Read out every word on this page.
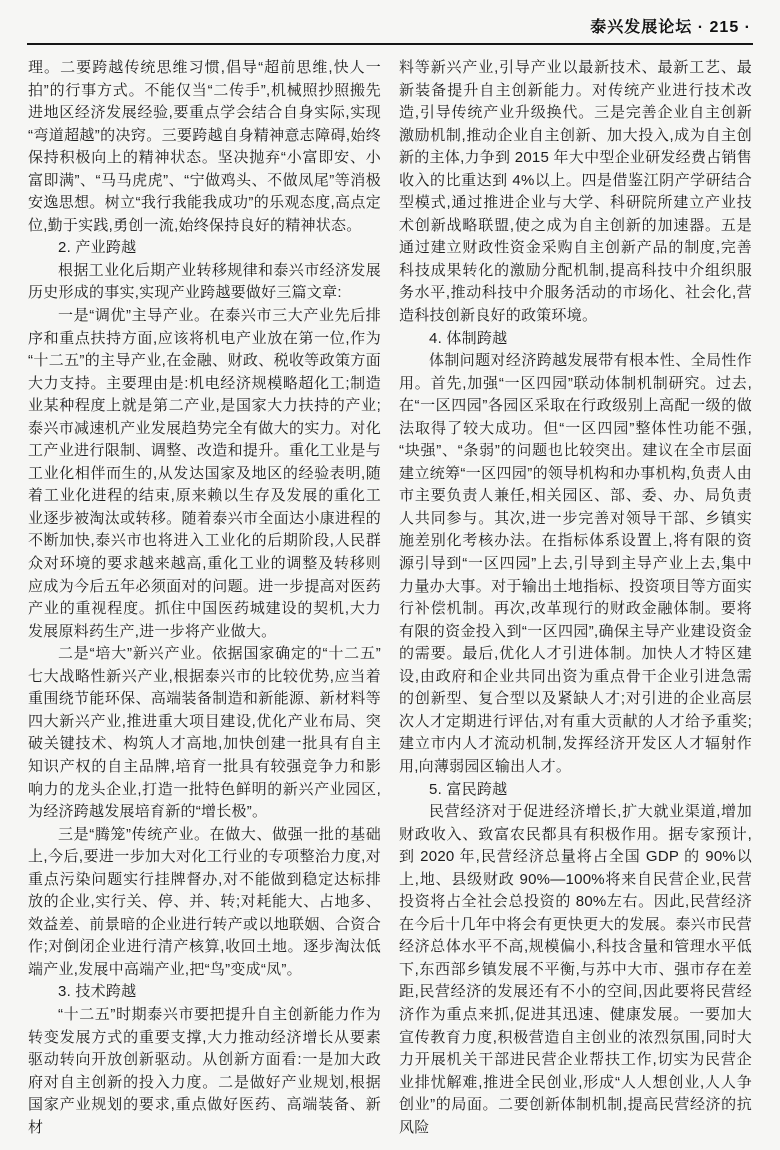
泰兴发展论坛 · 215 ·

理。二要跨越传统思维习惯,倡导“超前思维,快人一拍”的行事方式。不能仅当“二传手”,机械照抄照搬先进地区经济发展经验,要重点学会结合自身实际,实现“弯道超越”的决窍。三要跨越自身精神意志障碍,始终保持积极向上的精神状态。坚决抛弃“小富即安、小富即满”、“马马虎虎”、“宁做鸡头、不做凤尾”等消极安逸思想。树立“我行我能我成功”的乐观态度,高点定位,勤于实践,勇创一流,始终保持良好的精神状态。

2. 产业跨越

根据工业化后期产业转移规律和泰兴市经济发展历史形成的事实,实现产业跨越要做好三篇文章:

一是“调优”主导产业。在泰兴市三大产业先后排序和重点扶持方面,应该将机电产业放在第一位,作为“十二五”的主导产业,在金融、财政、税收等政策方面大力支持。主要理由是:机电经济规模略超化工;制造业某种程度上就是第二产业,是国家大力扶持的产业;泰兴市减速机产业发展趋势完全有做大的实力。对化工产业进行限制、调整、改造和提升。重化工业是与工业化相伴而生的,从发达国家及地区的经验表明,随着工业化进程的结束,原来赖以生存及发展的重化工业逐步被淘汰或转移。随着泰兴市全面达小康进程的不断加快,泰兴市也将进入工业化的后期阶段,人民群众对环境的要求越来越高,重化工业的调整及转移则应成为今后五年必须面对的问题。进一步提高对医药产业的重视程度。抓住中国医药城建设的契机,大力发展原料药生产,进一步将产业做大。

二是“培大”新兴产业。依据国家确定的“十二五”七大战略性新兴产业,根据泰兴市的比较优势,应当着重围绕节能环保、高端装备制造和新能源、新材料等四大新兴产业,推进重大项目建设,优化产业布局、突破关键技术、构筑人才高地,加快创建一批具有自主知识产权的自主品牌,培育一批具有较强竞争力和影响力的龙头企业,打造一批特色鲜明的新兴产业园区,为经济跨越发展培育新的“增长极”。

三是“腾笼”传统产业。在做大、做强一批的基础上,今后,要进一步加大对化工行业的专项整治力度,对重点污染问题实行挂牌督办,对不能做到稳定达标排放的企业,实行关、停、并、转;对耗能大、占地多、效益差、前景暗的企业进行转产或以地联姻、合资合作;对倒闭企业进行清产核算,收回土地。逐步淘汰低端产业,发展中高端产业,把“鸟”变成“凤”。

3. 技术跨越

“十二五”时期泰兴市要把提升自主创新能力作为转变发展方式的重要支撑,大力推动经济增长从要素驱动转向开放创新驱动。从创新方面看:一是加大政府对自主创新的投入力度。二是做好产业规划,根据国家产业规划的要求,重点做好医药、高端装备、新材

料等新兴产业,引导产业以最新技术、最新工艺、最新装备提升自主创新能力。对传统产业进行技术改造,引导传统产业升级换代。三是完善企业自主创新激励机制,推动企业自主创新、加大投入,成为自主创新的主体,力争到 2015 年大中型企业研发经费占销售收入的比重达到 4%以上。四是借鉴江阴产学研结合型模式,通过推进企业与大学、科研院所建立产业技术创新战略联盟,使之成为自主创新的加速器。五是通过建立财政性资金采购自主创新产品的制度,完善科技成果转化的激励分配机制,提高科技中介组织服务水平,推动科技中介服务活动的市场化、社会化,营造科技创新良好的政策环境。

4. 体制跨越

体制问题对经济跨越发展带有根本性、全局性作用。首先,加强“一区四园”联动体制机制研究。过去,在“一区四园”各园区采取在行政级别上高配一级的做法取得了较大成功。但“一区四园”整体性功能不强,“块强”、“条弱”的问题也比较突出。建议在全市层面建立统筹“一区四园”的领导机构和办事机构,负责人由市主要负责人兼任,相关园区、部、委、办、局负责人共同参与。其次,进一步完善对领导干部、乡镇实施差别化考核办法。在指标体系设置上,将有限的资源引导到“一区四园”上去,引导到主导产业上去,集中力量办大事。对于输出土地指标、投资项目等方面实行补偿机制。再次,改革现行的财政金融体制。要将有限的资金投入到“一区四园”,确保主导产业建设资金的需要。最后,优化人才引进体制。加快人才特区建设,由政府和企业共同出资为重点骨干企业引进急需的创新型、复合型以及紧缺人才;对引进的企业高层次人才定期进行评估,对有重大贡献的人才给予重奖;建立市内人才流动机制,发挥经济开发区人才辐射作用,向薄弱园区输出人才。

5. 富民跨越

民营经济对于促进经济增长,扩大就业渠道,增加财政收入、致富农民都具有积极作用。据专家预计,到 2020 年,民营经济总量将占全国 GDP 的 90%以上,地、县级财政 90%—100%将来自民营企业,民营投资将占全社会总投资的 80%左右。因此,民营经济在今后十几年中将会有更快更大的发展。泰兴市民营经济总体水平不高,规模偏小,科技含量和管理水平低下,东西部乡镇发展不平衡,与苏中大市、强市存在差距,民营经济的发展还有不小的空间,因此要将民营经济作为重点来抓,促进其迅速、健康发展。一要加大宣传教育力度,积极营造自主创业的浓烈氛围,同时大力开展机关干部进民营企业帮扶工作,切实为民营企业排忧解难,推进全民创业,形成“人人想创业,人人争创业”的局面。二要创新体制机制,提高民营经济的抗风险
